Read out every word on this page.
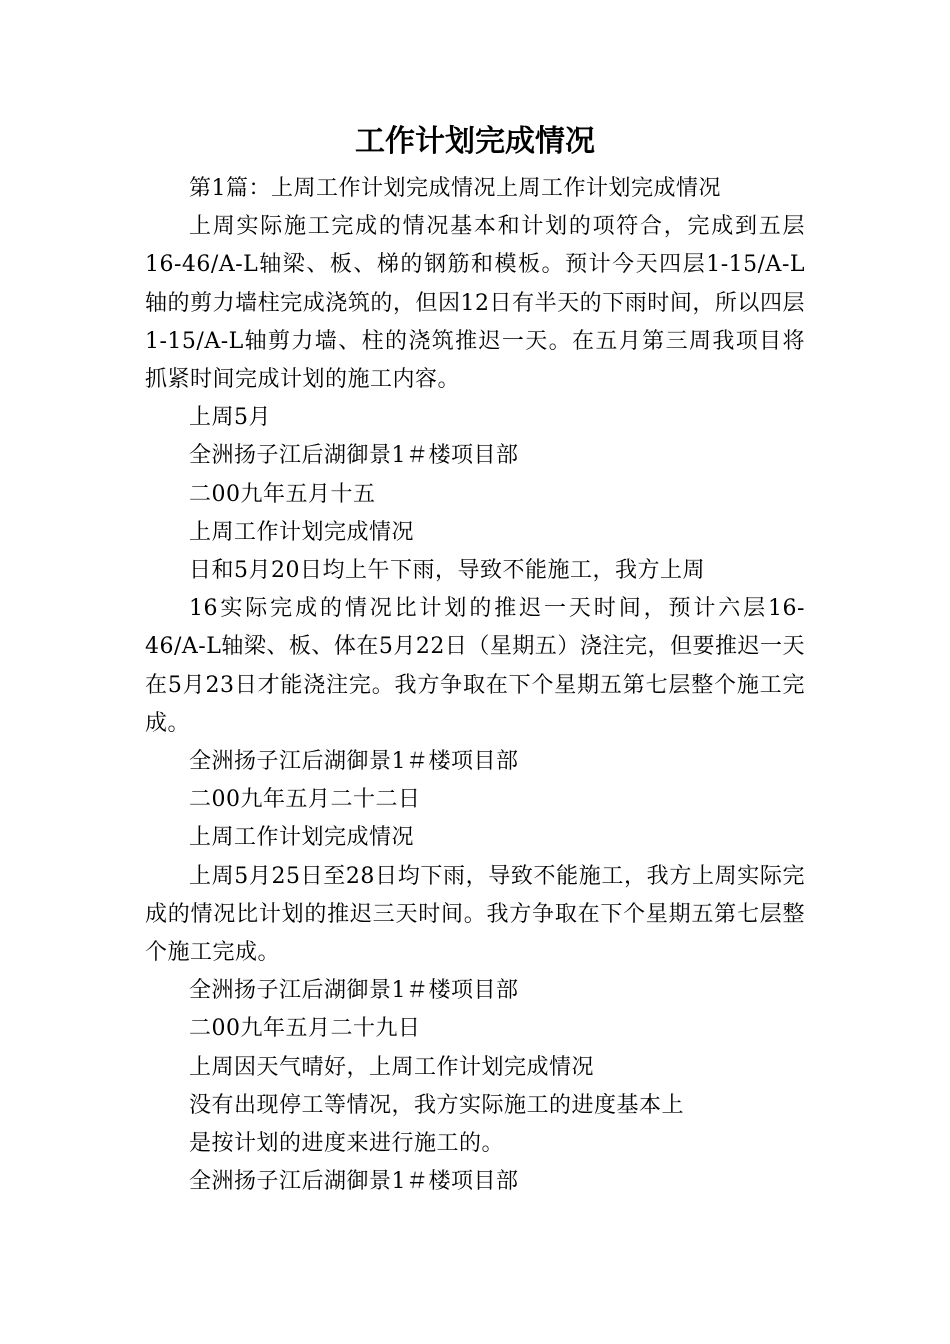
工作计划完成情况

第1篇：上周工作计划完成情况上周工作计划完成情况

上周实际施工完成的情况基本和计划的项符合，完成到五层16-46/A-L轴梁、板、梯的钢筋和模板。预计今天四层1-15/A-L轴的剪力墙柱完成浇筑的，但因12日有半天的下雨时间，所以四层1-15/A-L轴剪力墙、柱的浇筑推迟一天。在五月第三周我项目将抓紧时间完成计划的施工内容。

上周5月

全洲扬子江后湖御景1＃楼项目部

二00九年五月十五

上周工作计划完成情况

日和5月20日均上午下雨，导致不能施工，我方上周

16实际完成的情况比计划的推迟一天时间，预计六层16-46/A-L轴梁、板、体在5月22日（星期五）浇注完，但要推迟一天在5月23日才能浇注完。我方争取在下个星期五第七层整个施工完成。

全洲扬子江后湖御景1＃楼项目部

二00九年五月二十二日

上周工作计划完成情况

上周5月25日至28日均下雨，导致不能施工，我方上周实际完成的情况比计划的推迟三天时间。我方争取在下个星期五第七层整个施工完成。

全洲扬子江后湖御景1＃楼项目部

二00九年五月二十九日

上周因天气晴好，上周工作计划完成情况

没有出现停工等情况，我方实际施工的进度基本上

是按计划的进度来进行施工的。

全洲扬子江后湖御景1＃楼项目部
